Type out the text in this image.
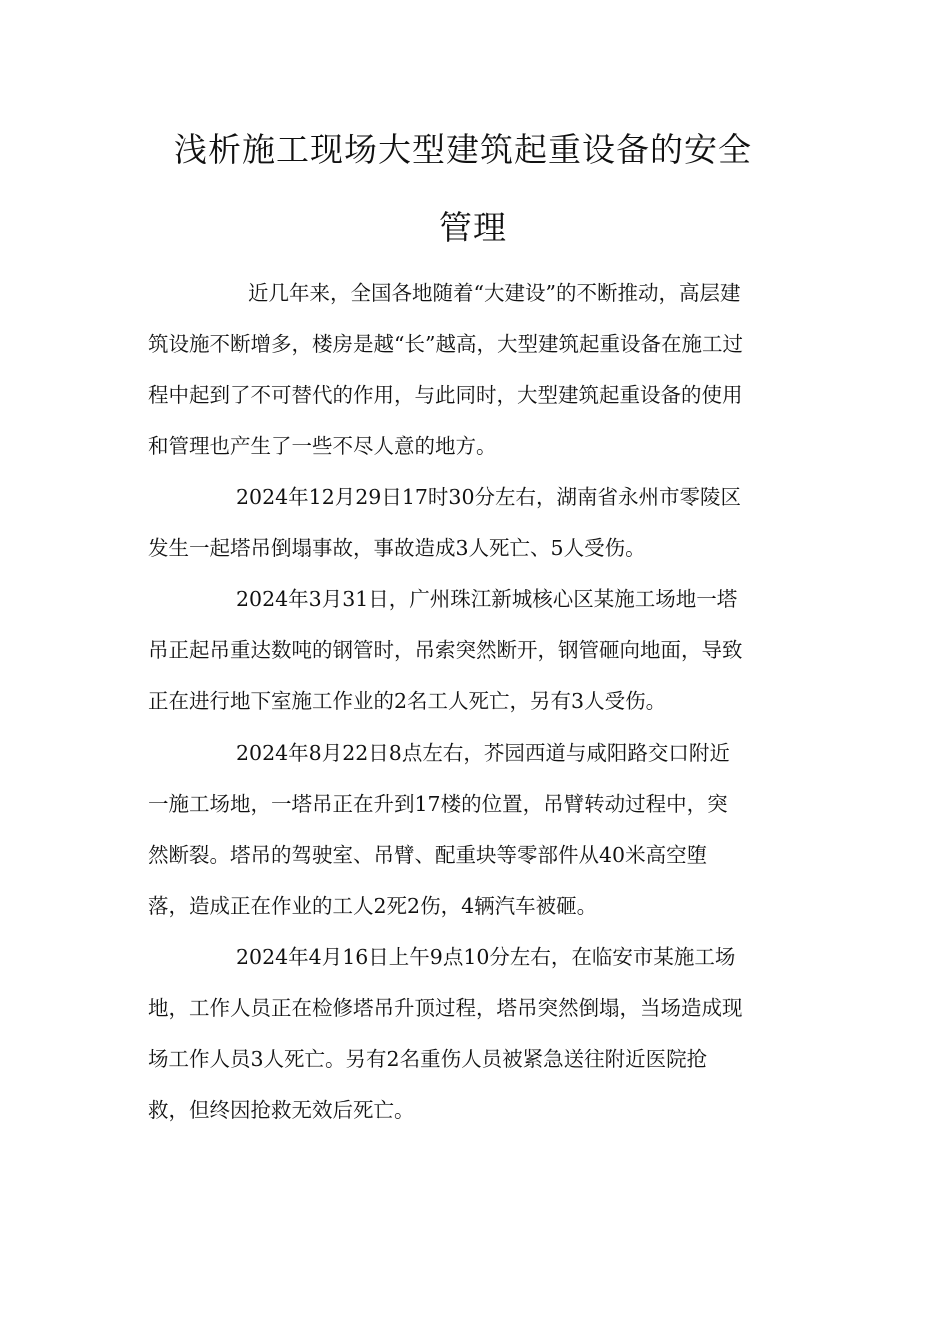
浅析施工现场大型建筑起重设备的安全
管理

近几年来，全国各地随着“大建设”的不断推动，高层建
筑设施不断增多，楼房是越“长”越高，大型建筑起重设备在施工过
程中起到了不可替代的作用，与此同时，大型建筑起重设备的使用
和管理也产生了一些不尽人意的地方。

2024年12月29日17时30分左右，湖南省永州市零陵区
发生一起塔吊倒塌事故，事故造成3人死亡、5人受伤。

2024年3月31日，广州珠江新城核心区某施工场地一塔
吊正起吊重达数吨的钢管时，吊索突然断开，钢管砸向地面，导致
正在进行地下室施工作业的2名工人死亡，另有3人受伤。

2024年8月22日8点左右，芥园西道与咸阳路交口附近
一施工场地，一塔吊正在升到17楼的位置，吊臂转动过程中，突
然断裂。塔吊的驾驶室、吊臂、配重块等零部件从40米高空堕
落，造成正在作业的工人2死2伤，4辆汽车被砸。

2024年4月16日上午9点10分左右，在临安市某施工场
地，工作人员正在检修塔吊升顶过程，塔吊突然倒塌，当场造成现
场工作人员3人死亡。另有2名重伤人员被紧急送往附近医院抢
救，但终因抢救无效后死亡。
